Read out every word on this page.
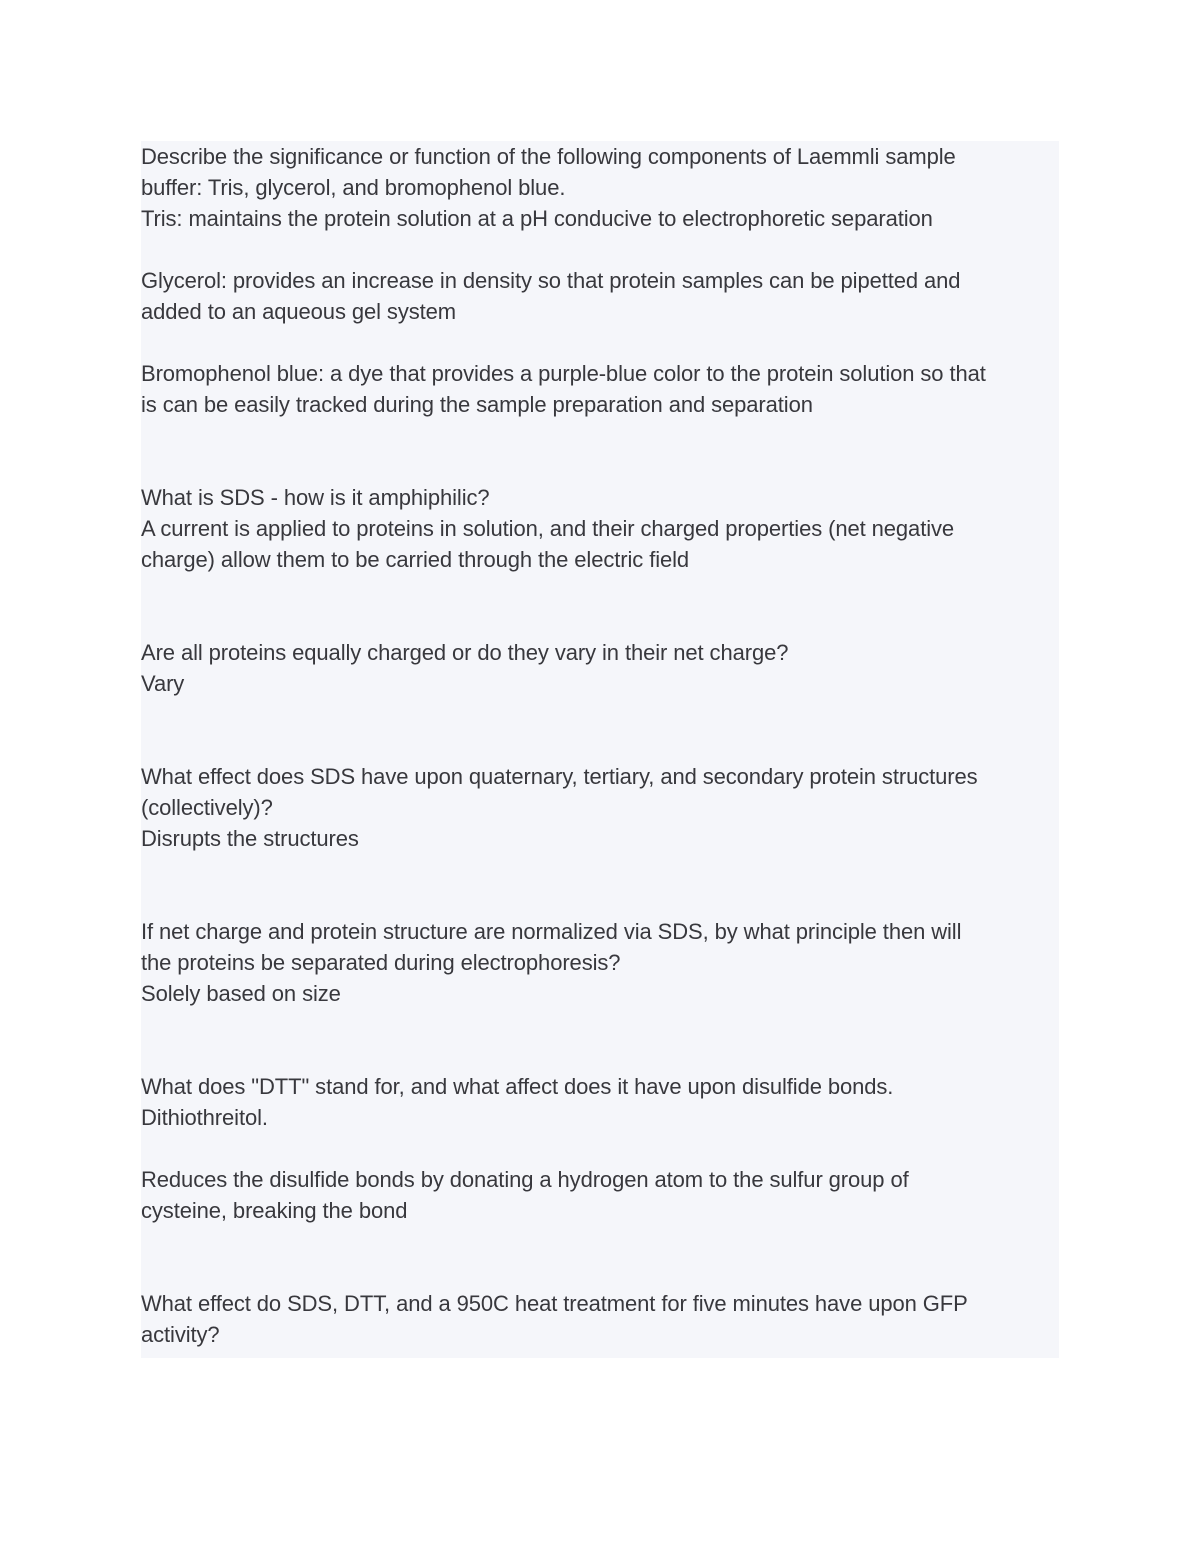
Describe the significance or function of the following components of Laemmli sample
buffer: Tris, glycerol, and bromophenol blue.
Tris: maintains the protein solution at a pH conducive to electrophoretic separation
Glycerol: provides an increase in density so that protein samples can be pipetted and
added to an aqueous gel system
Bromophenol blue: a dye that provides a purple-blue color to the protein solution so that
is can be easily tracked during the sample preparation and separation
What is SDS - how is it amphiphilic?
A current is applied to proteins in solution, and their charged properties (net negative
charge) allow them to be carried through the electric field
Are all proteins equally charged or do they vary in their net charge?
Vary
What effect does SDS have upon quaternary, tertiary, and secondary protein structures
(collectively)?
Disrupts the structures
If net charge and protein structure are normalized via SDS, by what principle then will
the proteins be separated during electrophoresis?
Solely based on size
What does "DTT" stand for, and what affect does it have upon disulfide bonds.
Dithiothreitol.
Reduces the disulfide bonds by donating a hydrogen atom to the sulfur group of
cysteine, breaking the bond
What effect do SDS, DTT, and a 950C heat treatment for five minutes have upon GFP
activity?
